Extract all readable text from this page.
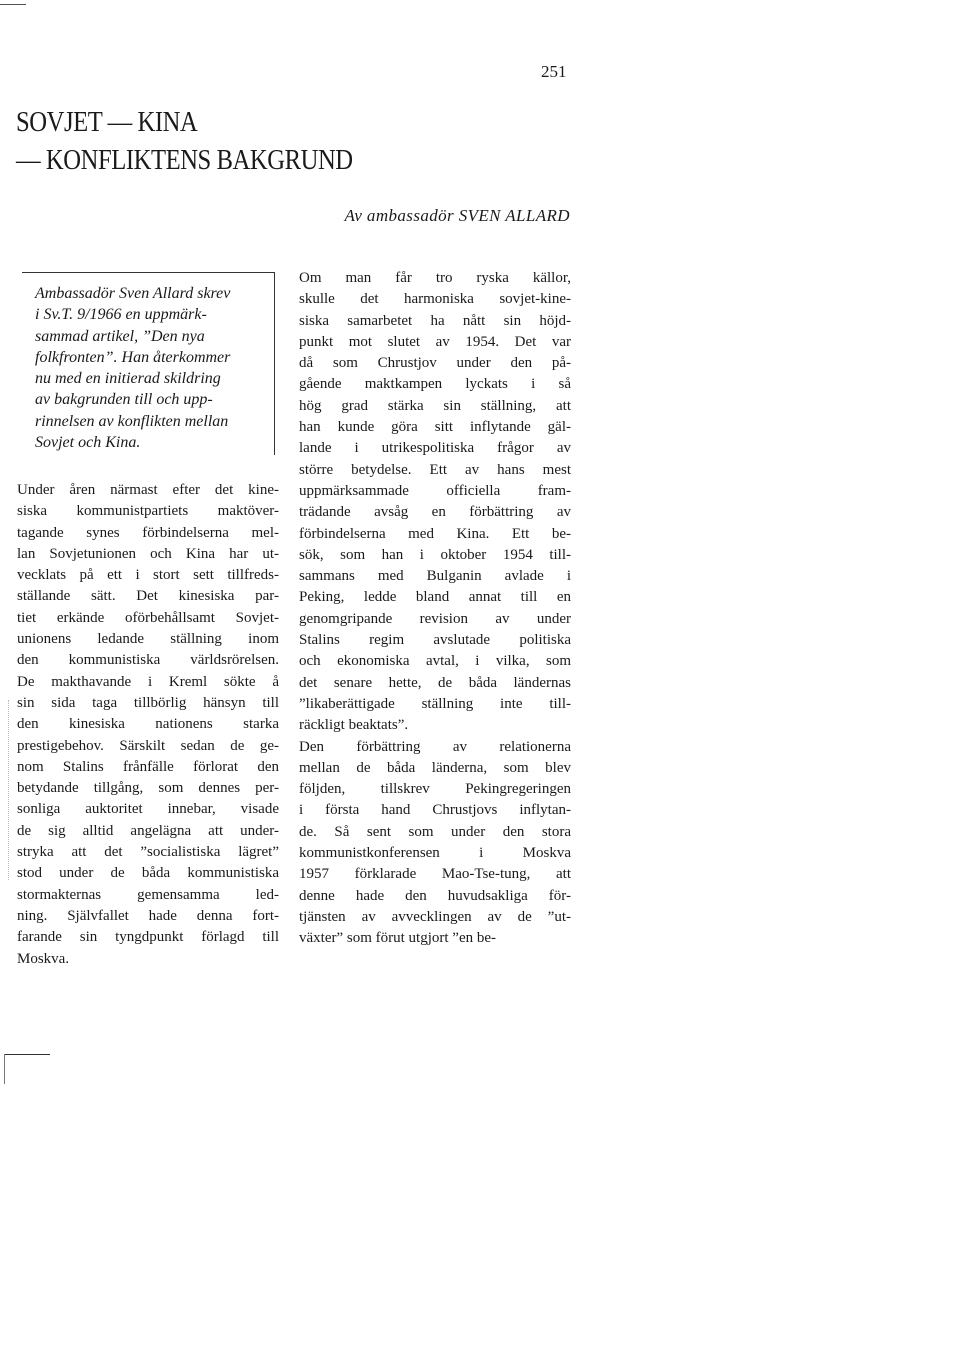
251
SOVJET — KINA
— KONFLIKTENS BAKGRUND
Av ambassadör SVEN ALLARD
Ambassadör Sven Allard skrev
i Sv.T. 9/1966 en uppmärk-
sammad artikel, ”Den nya
folkfronten”. Han återkommer
nu med en initierad skildring
av bakgrunden till och upp-
rinnelsen av konflikten mellan
Sovjet och Kina.
Under åren närmast efter det kine-
siska kommunistpartiets maktöver-
tagande synes förbindelserna mel-
lan Sovjetunionen och Kina har ut-
vecklats på ett i stort sett tillfreds-
ställande sätt. Det kinesiska par-
tiet erkände oförbehållsamt Sovjet-
unionens ledande ställning inom
den kommunistiska världsrörelsen.
De makthavande i Kreml sökte å
sin sida taga tillbörlig hänsyn till
den kinesiska nationens starka
prestigebehov. Särskilt sedan de ge-
nom Stalins frånfälle förlorat den
betydande tillgång, som dennes per-
sonliga auktoritet innebar, visade
de sig alltid angelägna att under-
stryka att det ”socialistiska lägret”
stod under de båda kommunistiska
stormakternas gemensamma led-
ning. Självfallet hade denna fort-
farande sin tyngdpunkt förlagd till
Moskva.
Om man får tro ryska källor,
skulle det harmoniska sovjet-kine-
siska samarbetet ha nått sin höjd-
punkt mot slutet av 1954. Det var
då som Chrustjov under den på-
gående maktkampen lyckats i så
hög grad stärka sin ställning, att
han kunde göra sitt inflytande gäl-
lande i utrikespolitiska frågor av
större betydelse. Ett av hans mest
uppmärksammade officiella fram-
trädande avsåg en förbättring av
förbindelserna med Kina. Ett be-
sök, som han i oktober 1954 till-
sammans med Bulganin avlade i
Peking, ledde bland annat till en
genomgripande revision av under
Stalins regim avslutade politiska
och ekonomiska avtal, i vilka, som
det senare hette, de båda ländernas
”likaberättigade ställning inte till-
räckligt beaktats”.
Den förbättring av relationerna
mellan de båda länderna, som blev
följden, tillskrev Pekingregeringen
i första hand Chrustjovs inflytan-
de. Så sent som under den stora
kommunistkonferensen i Moskva
1957 förklarade Mao-Tse-tung, att
denne hade den huvudsakliga för-
tjänsten av avvecklingen av de ”ut-
växter” som förut utgjort ”en be-
